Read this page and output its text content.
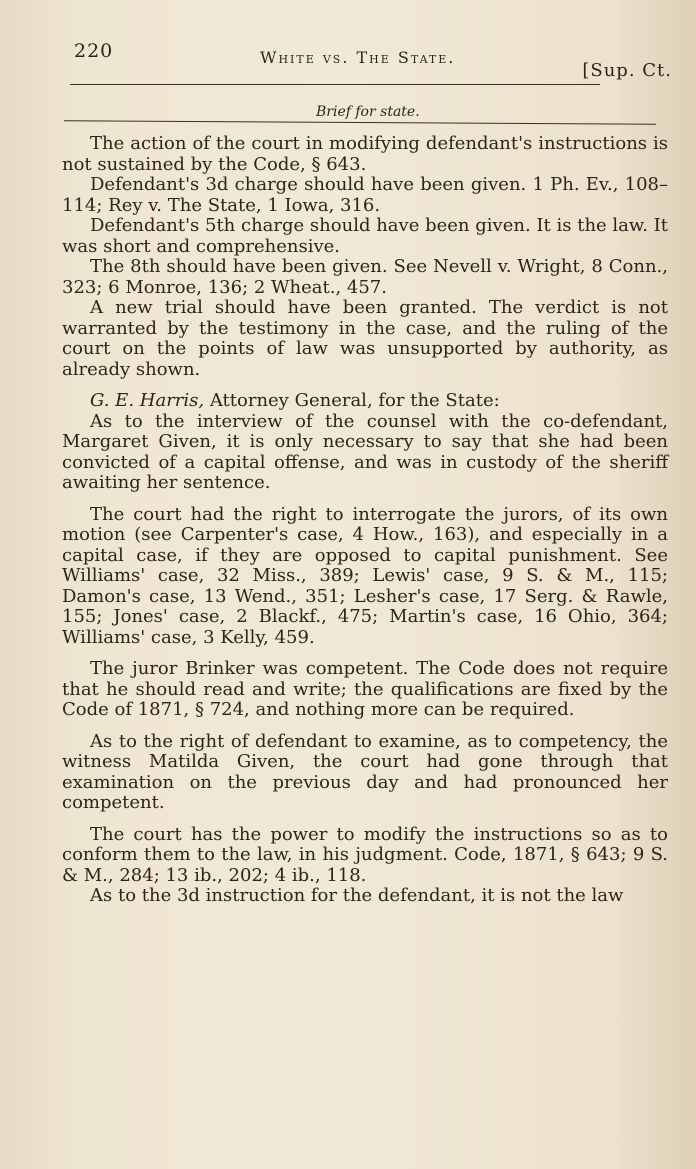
220	White vs. The State.
[Sup. Ct.
Brief for state.

The action of the court in modifying defendant's instructions is not sustained by the Code, § 643.

Defendant's 3d charge should have been given. 1 Ph. Ev., 108–114; Rey v. The State, 1 Iowa, 316.

Defendant's 5th charge should have been given. It is the law. It was short and comprehensive.

The 8th should have been given. See Nevell v. Wright, 8 Conn., 323; 6 Monroe, 136; 2 Wheat., 457.

A new trial should have been granted. The verdict is not warranted by the testimony in the case, and the ruling of the court on the points of law was unsupported by authority, as already shown.

G. E. Harris, Attorney General, for the State:

As to the interview of the counsel with the co-defendant, Margaret Given, it is only necessary to say that she had been convicted of a capital offense, and was in custody of the sheriff awaiting her sentence.

The court had the right to interrogate the jurors, of its own motion (see Carpenter's case, 4 How., 163), and especially in a capital case, if they are opposed to capital punishment. See Williams' case, 32 Miss., 389; Lewis' case, 9 S. & M., 115; Damon's case, 13 Wend., 351; Lesher's case, 17 Serg. & Rawle, 155; Jones' case, 2 Blackf., 475; Martin's case, 16 Ohio, 364; Williams' case, 3 Kelly, 459.

The juror Brinker was competent. The Code does not require that he should read and write; the qualifications are fixed by the Code of 1871, § 724, and nothing more can be required.

As to the right of defendant to examine, as to competency, the witness Matilda Given, the court had gone through that examination on the previous day and had pronounced her competent.

The court has the power to modify the instructions so as to conform them to the law, in his judgment. Code, 1871, § 643; 9 S. & M., 284; 13 ib., 202; 4 ib., 118.

As to the 3d instruction for the defendant, it is not the law
